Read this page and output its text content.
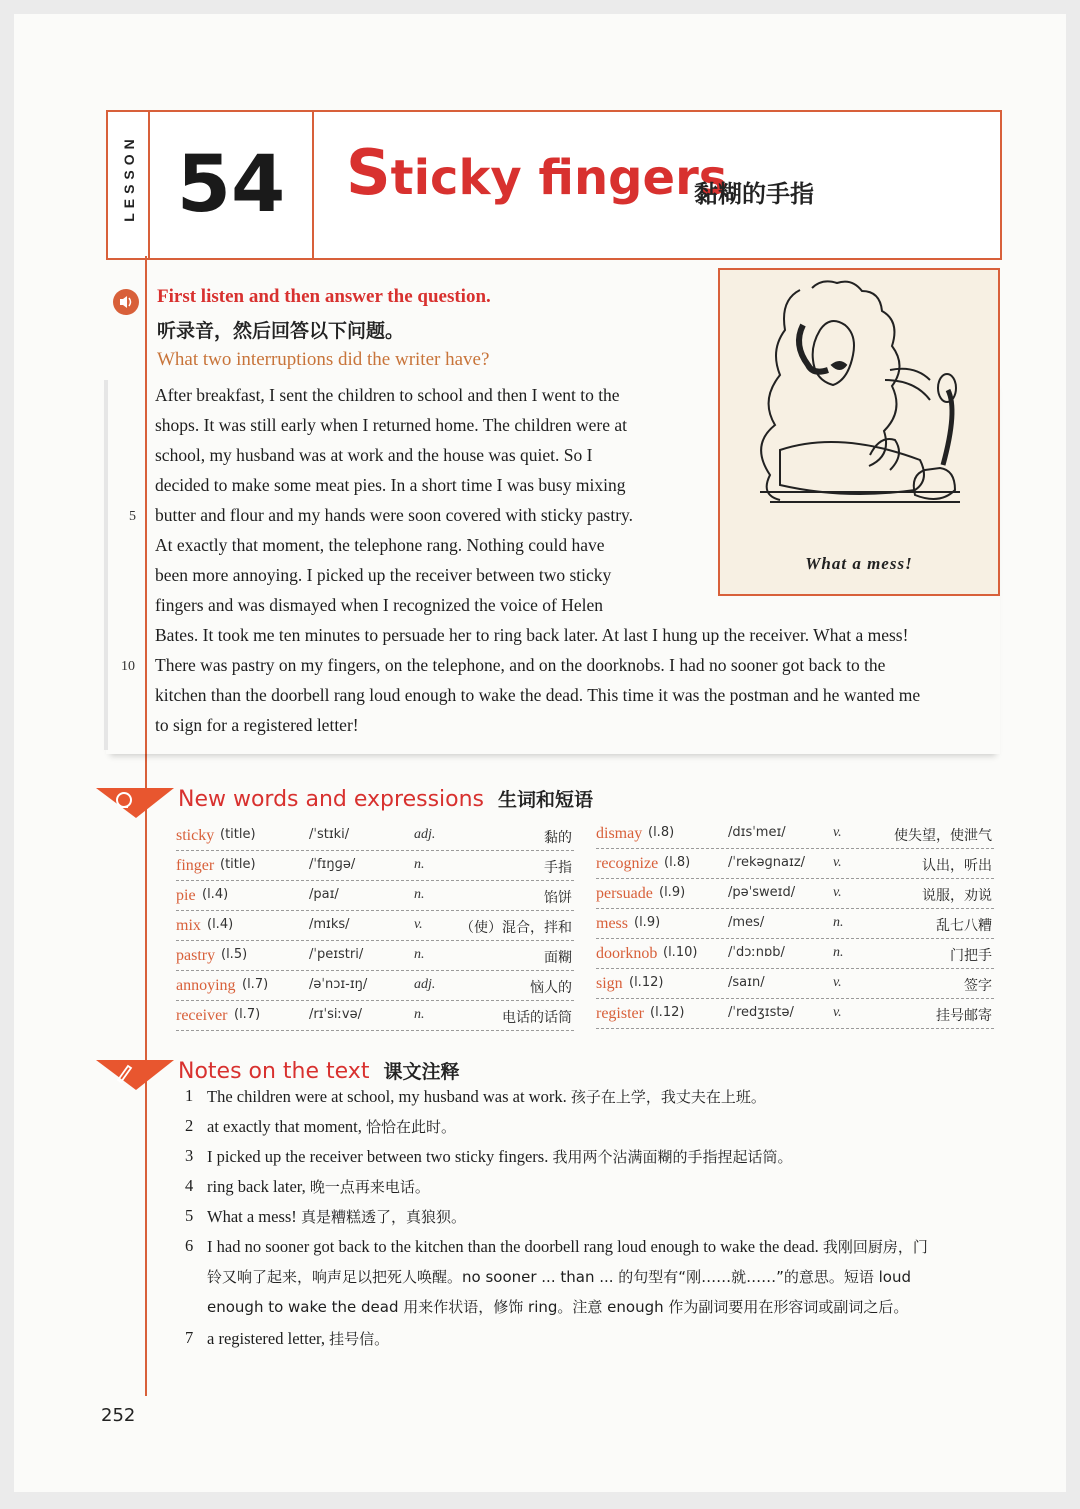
LESSON 54 Sticky fingers
黏糊的手指
First listen and then answer the question.
听录音，然后回答以下问题。
What two interruptions did the writer have?
After breakfast, I sent the children to school and then I went to the
shops. It was still early when I returned home. The children were at
school, my husband was at work and the house was quiet. So I
decided to make some meat pies. In a short time I was busy mixing
butter and flour and my hands were soon covered with sticky pastry.
At exactly that moment, the telephone rang. Nothing could have
been more annoying. I picked up the receiver between two sticky
fingers and was dismayed when I recognized the voice of Helen
Bates. It took me ten minutes to persuade her to ring back later. At last I hung up the receiver. What a mess!
There was pastry on my fingers, on the telephone, and on the doorknobs. I had no sooner got back to the
kitchen than the doorbell rang loud enough to wake the dead. This time it was the postman and he wanted me
to sign for a registered letter!
5
10
What a mess!
New words and expressions 生词和短语
sticky (title)	/ˈstɪki/	adj.	黏的
finger (title)	/ˈfɪŋɡə/	n.	手指
pie (l.4)	/paɪ/	n.	馅饼
mix (l.4)	/mɪks/	v.	（使）混合，拌和
pastry (l.5)	/ˈpeɪstri/	n.	面糊
annoying (l.7)	/əˈnɔɪ-ɪŋ/	adj.	恼人的
receiver (l.7)	/rɪˈsiːvə/	n.	电话的话筒
dismay (l.8)	/dɪsˈmeɪ/	v.	使失望，使泄气
recognize (l.8)	/ˈrekəɡnaɪz/ v.	认出，听出
persuade (l.9)	/pəˈsweɪd/	v.	说服，劝说
mess (l.9)	/mes/	n.	乱七八糟
doorknob (l.10) /ˈdɔːnɒb/	n.	门把手
sign (l.12)	/saɪn/	v.	签字
register (l.12)	/ˈredʒɪstə/	v.	挂号邮寄
Notes on the text 课文注释
1 The children were at school, my husband was at work. 孩子在上学，我丈夫在上班。
2 at exactly that moment, 恰恰在此时。
3 I picked up the receiver between two sticky fingers. 我用两个沾满面糊的手指捏起话筒。
4 ring back later, 晚一点再来电话。
5 What a mess! 真是糟糕透了，真狼狈。
6 I had no sooner got back to the kitchen than the doorbell rang loud enough to wake the dead. 我刚回厨房，门
铃又响了起来，响声足以把死人唤醒。no sooner ... than ... 的句型有“刚……就……”的意思。短语 loud
enough to wake the dead 用来作状语，修饰 ring。注意 enough 作为副词要用在形容词或副词之后。
7 a registered letter, 挂号信。
252
